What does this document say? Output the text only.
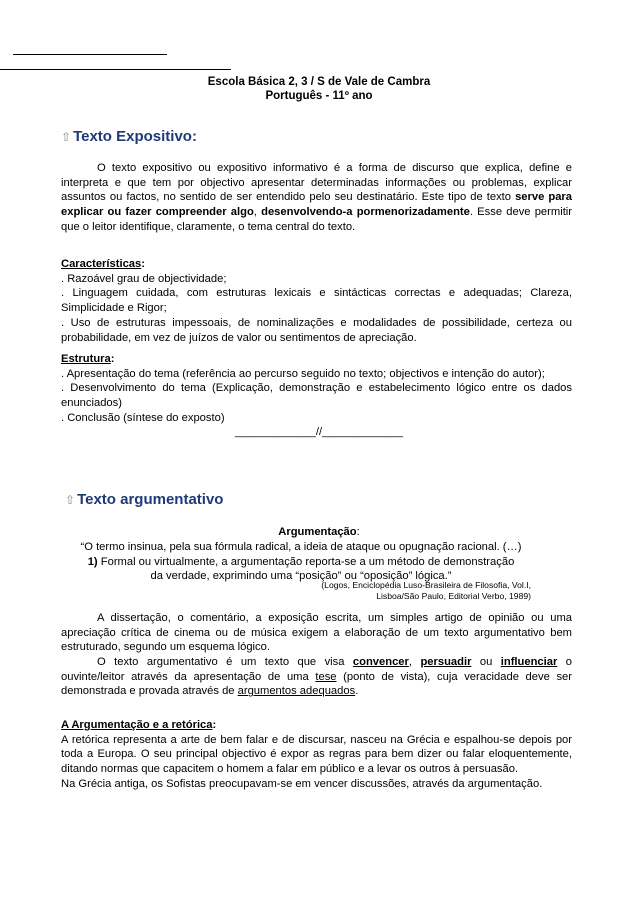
Escola Básica 2, 3 / S de Vale de Cambra
Português - 11º ano
⇧ Texto Expositivo:

O texto expositivo ou expositivo informativo é a forma de discurso que explica, define e interpreta e que tem por objectivo apresentar determinadas informações ou problemas, explicar assuntos ou factos, no sentido de ser entendido pelo seu destinatário. Este tipo de texto serve para explicar ou fazer compreender algo, desenvolvendo-a pormenorizadamente. Esse deve permitir que o leitor identifique, claramente, o tema central do texto.

Características:

. Razoável grau de objectividade;

. Linguagem cuidada, com estruturas lexicais e sintácticas correctas e adequadas; Clareza, Simplicidade e Rigor;

. Uso de estruturas impessoais, de nominalizações e modalidades de possibilidade, certeza ou probabilidade, em vez de juízos de valor ou sentimentos de apreciação.

Estrutura:

. Apresentação do tema (referência ao percurso seguido no texto; objectivos e intenção do autor);

. Desenvolvimento do tema (Explicação, demonstração e estabelecimento lógico entre os dados enunciados)

. Conclusão (síntese do exposto)

_____________//_____________
⇧ Texto argumentativo
Argumentação:
“O termo insinua, pela sua fórmula radical, a ideia de ataque ou opugnação racional. (…)
1) Formal ou virtualmente, a argumentação reporta-se a um método de demonstração
da verdade, exprimindo uma “posição” ou “oposição” lógica.”
(Logos, Enciclopédia Luso-Brasileira de Filosofia, Vol.I,
Lisboa/São Paulo, Editorial Verbo, 1989)

A dissertação, o comentário, a exposição escrita, um simples artigo de opinião ou uma apreciação crítica de cinema ou de música exigem a elaboração de um texto argumentativo bem estruturado, segundo um esquema lógico.

O texto argumentativo é um texto que visa convencer, persuadir ou influenciar o ouvinte/leitor através da apresentação de uma tese (ponto de vista), cuja veracidade deve ser demonstrada e provada através de argumentos adequados.

A Argumentação e a retórica:

A retórica representa a arte de bem falar e de discursar, nasceu na Grécia e espalhou-se depois por toda a Europa. O seu principal objectivo é expor as regras para bem dizer ou falar eloquentemente, ditando normas que capacitem o homem a falar em público e a levar os outros à persuasão.

Na Grécia antiga, os Sofistas preocupavam-se em vencer discussões, através da argumentação.
